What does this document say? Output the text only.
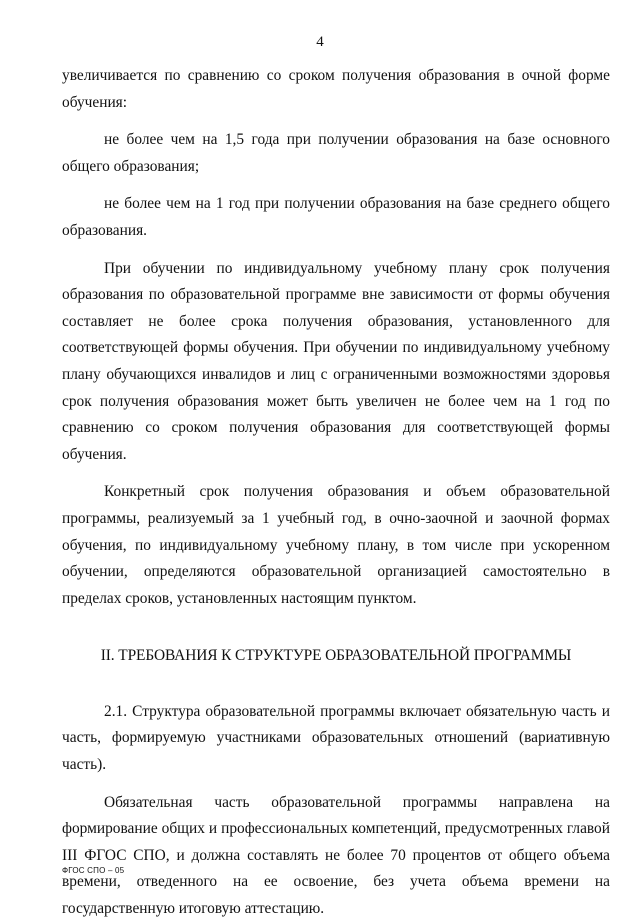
4

увеличивается по сравнению со сроком получения образования в очной форме обучения:

не более чем на 1,5 года при получении образования на базе основного общего образования;

не более чем на 1 год при получении образования на базе среднего общего образования.

При обучении по индивидуальному учебному плану срок получения образования по образовательной программе вне зависимости от формы обучения составляет не более срока получения образования, установленного для соответствующей формы обучения. При обучении по индивидуальному учебному плану обучающихся инвалидов и лиц с ограниченными возможностями здоровья срок получения образования может быть увеличен не более чем на 1 год по сравнению со сроком получения образования для соответствующей формы обучения.

Конкретный срок получения образования и объем образовательной программы, реализуемый за 1 учебный год, в очно-заочной и заочной формах обучения, по индивидуальному учебному плану, в том числе при ускоренном обучении, определяются образовательной организацией самостоятельно в пределах сроков, установленных настоящим пунктом.

II. ТРЕБОВАНИЯ К СТРУКТУРЕ ОБРАЗОВАТЕЛЬНОЙ ПРОГРАММЫ

2.1. Структура образовательной программы включает обязательную часть и часть, формируемую участниками образовательных отношений (вариативную часть).

Обязательная часть образовательной программы направлена на формирование общих и профессиональных компетенций, предусмотренных главой III ФГОС СПО, и должна составлять не более 70 процентов от общего объема времени, отведенного на ее освоение, без учета объема времени на государственную итоговую аттестацию.

ФГОС СПО – 05
